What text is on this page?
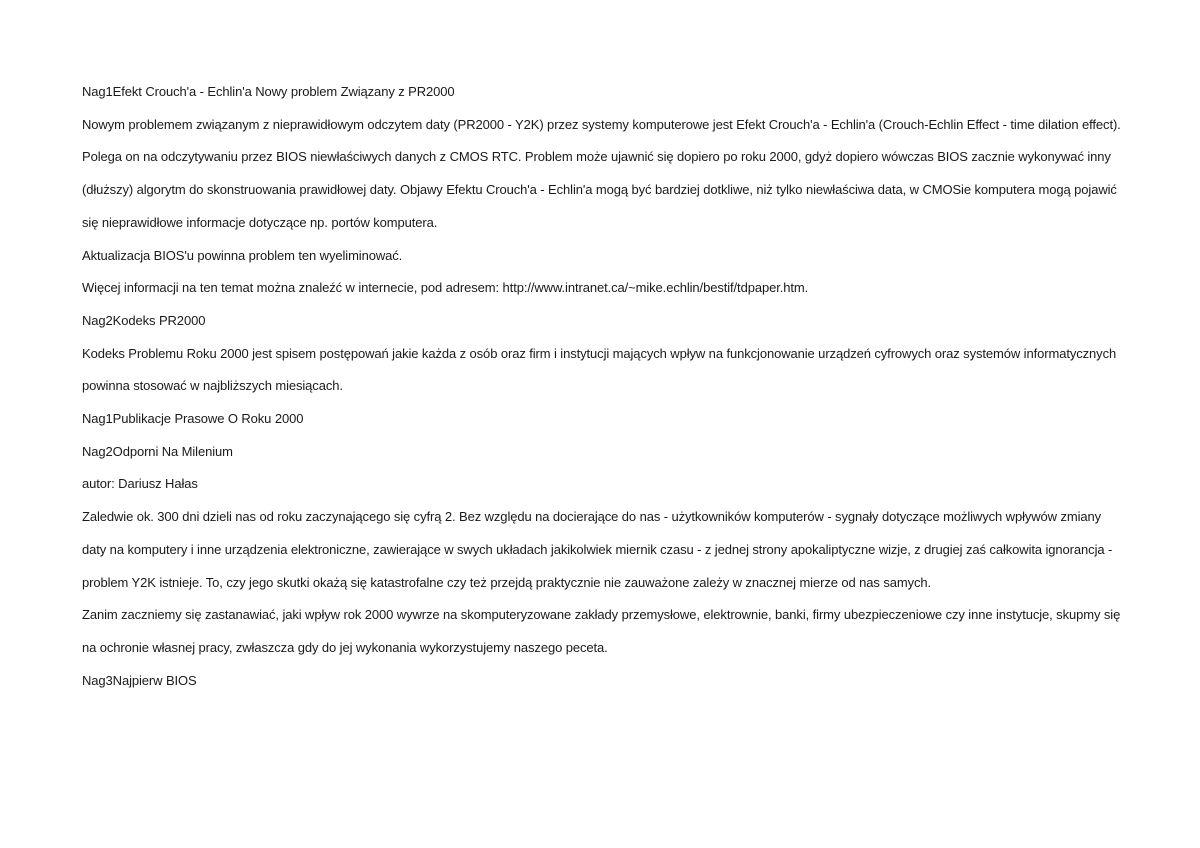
Nag1Efekt Crouch'a - Echlin'a Nowy problem Związany z PR2000

Nowym problemem związanym z nieprawidłowym odczytem daty (PR2000 - Y2K) przez systemy komputerowe jest Efekt Crouch'a - Echlin'a (Crouch-Echlin Effect - time dilation effect). Polega on na odczytywaniu przez BIOS niewłaściwych danych z CMOS RTC. Problem może ujawnić się dopiero po roku 2000, gdyż dopiero wówczas BIOS zacznie wykonywać inny (dłuższy) algorytm do skonstruowania prawidłowej daty. Objawy Efektu Crouch'a - Echlin'a mogą być bardziej dotkliwe, niż tylko niewłaściwa data, w CMOSie komputera mogą pojawić się nieprawidłowe informacje dotyczące np. portów komputera.

Aktualizacja BIOS'u powinna problem ten wyeliminować.

Więcej informacji na ten temat można znaleźć w internecie, pod adresem: http://www.intranet.ca/~mike.echlin/bestif/tdpaper.htm.

Nag2Kodeks PR2000

Kodeks Problemu Roku 2000 jest spisem postępowań jakie każda z osób oraz firm i instytucji mających wpływ na funkcjonowanie urządzeń cyfrowych oraz systemów informatycznych powinna stosować w najbliższych miesiącach.

Nag1Publikacje Prasowe O Roku 2000

Nag2Odporni Na Milenium

autor: Dariusz Hałas

Zaledwie ok. 300 dni dzieli nas od roku zaczynającego się cyfrą 2. Bez względu na docierające do nas - użytkowników komputerów - sygnały dotyczące możliwych wpływów zmiany daty na komputery i inne urządzenia elektroniczne, zawierające w swych układach jakikolwiek miernik czasu - z jednej strony apokaliptyczne wizje, z drugiej zaś całkowita ignorancja - problem Y2K istnieje. To, czy jego skutki okażą się katastrofalne czy też przejdą praktycznie nie zauważone zależy w znacznej mierze od nas samych.

Zanim zaczniemy się zastanawiać, jaki wpływ rok 2000 wywrze na skomputeryzowane zakłady przemysłowe, elektrownie, banki, firmy ubezpieczeniowe czy inne instytucje, skupmy się na ochronie własnej pracy, zwłaszcza gdy do jej wykonania wykorzystujemy naszego peceta.

Nag3Najpierw BIOS
